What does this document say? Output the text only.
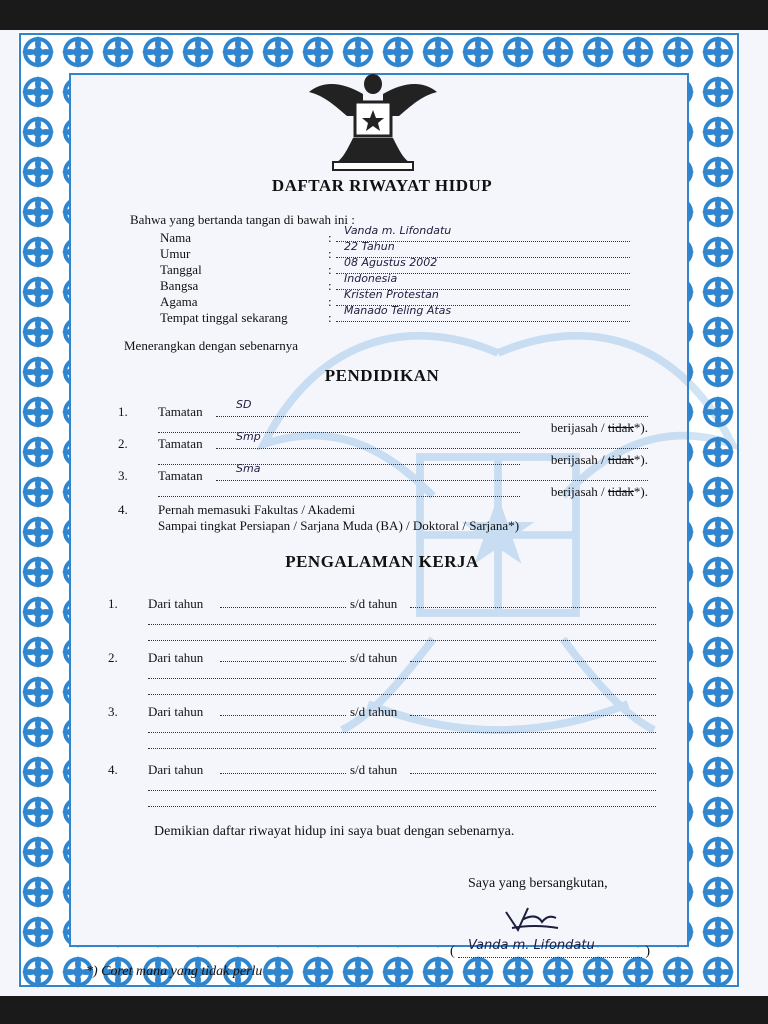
DAFTAR RIWAYAT HIDUP
Bahwa yang bertanda tangan di bawah ini :
Nama	: Vanda m. Lifondatu
Umur	: 22 Tahun
Tanggal	: 08 Agustus 2002
Bangsa	: Indonesia
Agama	: Kristen Protestan
Tempat tinggal sekarang	: Manado Teling Atas
Menerangkan dengan sebenarnya
PENDIDIKAN
1. Tamatan	SD
berijasah / tidak*).
2. Tamatan	Smp
berijasah / tidak*).
3. Tamatan	Sma
berijasah / tidak*).
4. Pernah memasuki Fakultas / Akademi
Sampai tingkat Persiapan / Sarjana Muda (BA) / Doktoral / Sarjana*)
PENGALAMAN KERJA
1. Dari tahun	s/d tahun
2. Dari tahun	s/d tahun
3. Dari tahun	s/d tahun
4. Dari tahun	s/d tahun
Demikian daftar riwayat hidup ini saya buat dengan sebenarnya.
Saya yang bersangkutan,
( Vanda m. Lifondatu	)
*) Coret mana yang tidak perlu
